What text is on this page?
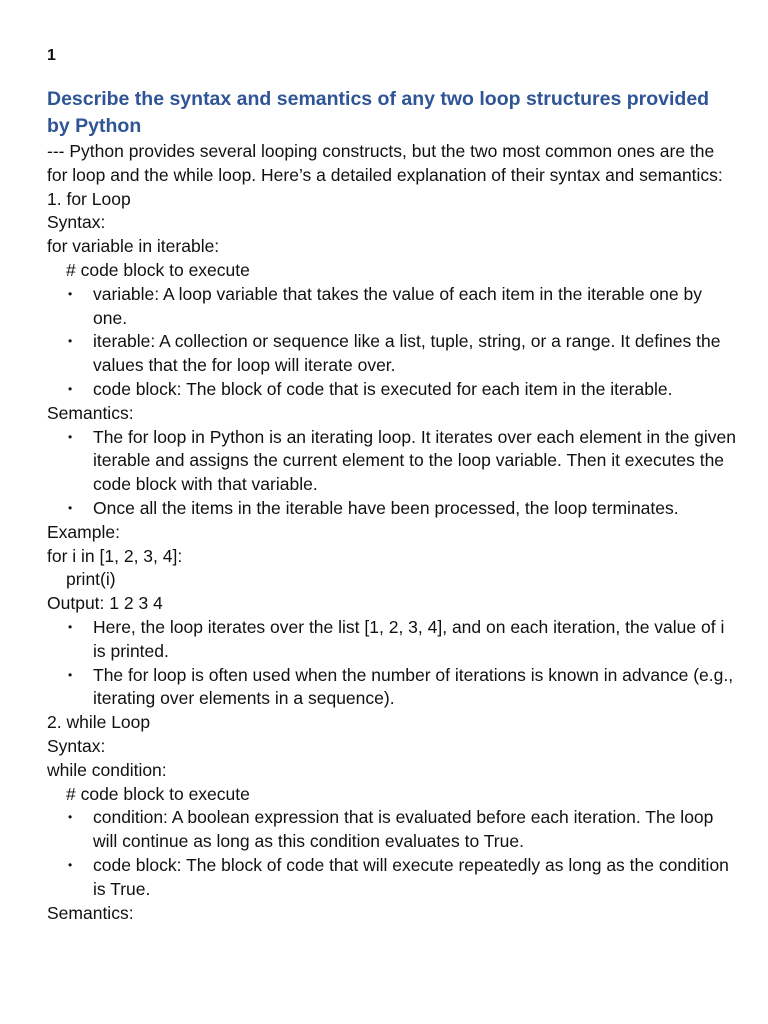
1
Describe the syntax and semantics of any two loop structures provided by Python

--- Python provides several looping constructs, but the two most common ones are the for loop and the while loop. Here’s a detailed explanation of their syntax and semantics:

1. for Loop

Syntax:

for variable in iterable:

# code block to execute

• variable: A loop variable that takes the value of each item in the iterable one by one.
• iterable: A collection or sequence like a list, tuple, string, or a range. It defines the values that the for loop will iterate over.
• code block: The block of code that is executed for each item in the iterable.

Semantics:

• The for loop in Python is an iterating loop. It iterates over each element in the given iterable and assigns the current element to the loop variable. Then it executes the code block with that variable.
• Once all the items in the iterable have been processed, the loop terminates.

Example:

for i in [1, 2, 3, 4]:

print(i)

Output: 1 2 3 4

• Here, the loop iterates over the list [1, 2, 3, 4], and on each iteration, the value of i is printed.
• The for loop is often used when the number of iterations is known in advance (e.g., iterating over elements in a sequence).

2. while Loop

Syntax:

while condition:

# code block to execute

• condition: A boolean expression that is evaluated before each iteration. The loop will continue as long as this condition evaluates to True.
• code block: The block of code that will execute repeatedly as long as the condition is True.

Semantics:
